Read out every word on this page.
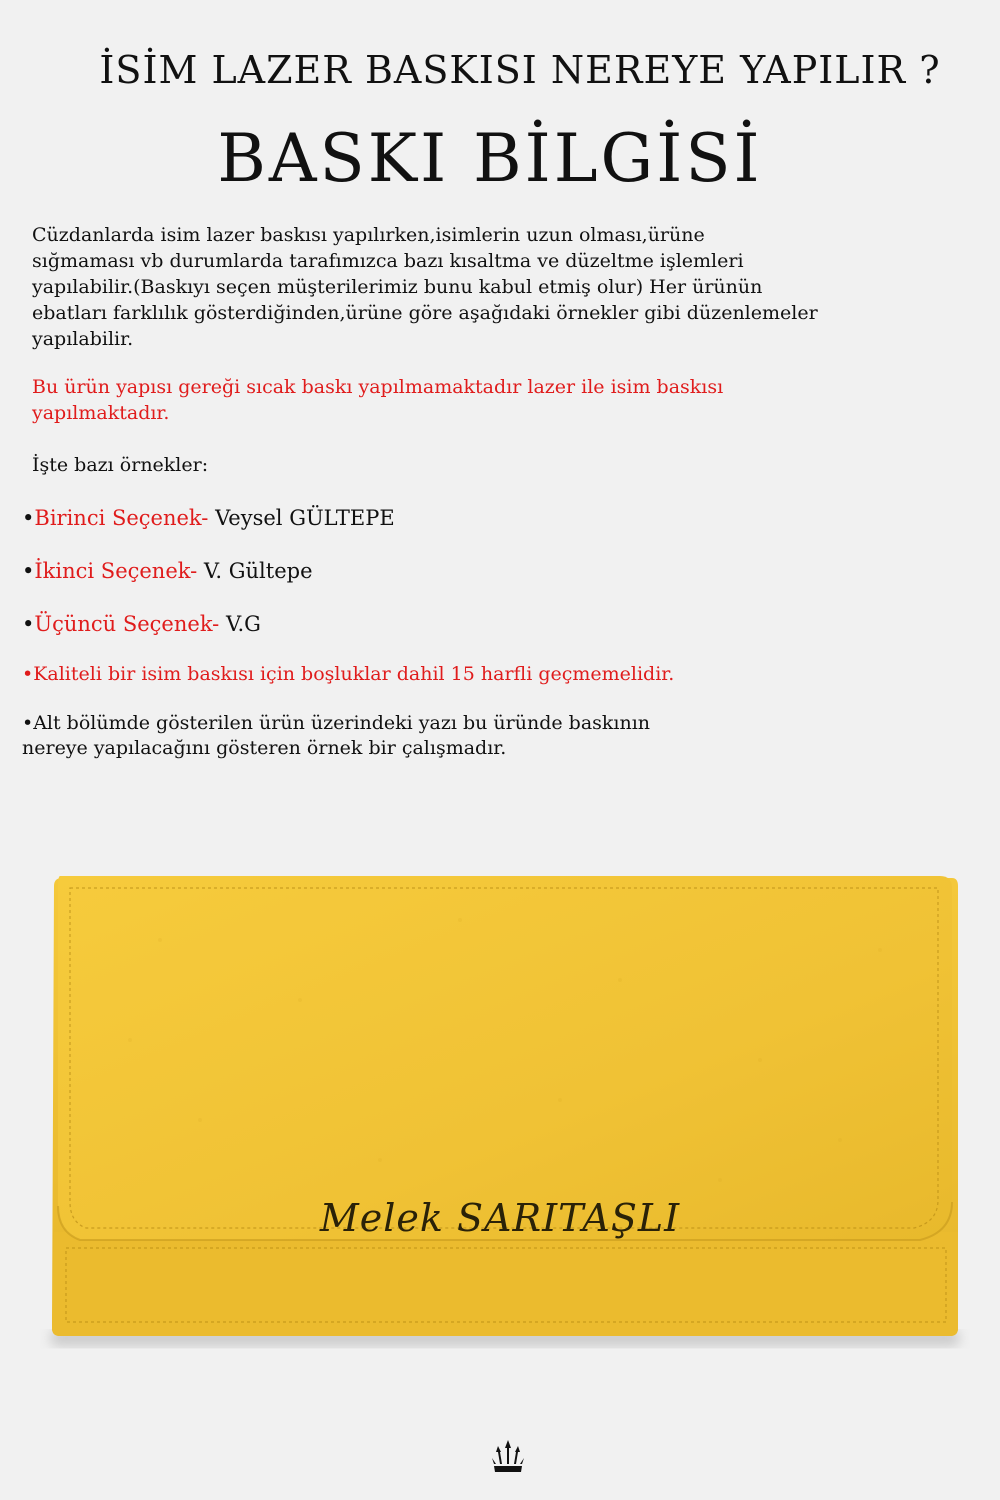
İSİM LAZER BASKISI NEREYE YAPILIR ?
BASKI BİLGİSİ
Cüzdanlarda isim lazer baskısı yapılırken,isimlerin uzun olması,ürüne
sığmaması vb durumlarda tarafımızca bazı kısaltma ve düzeltme işlemleri
yapılabilir.(Baskıyı seçen müşterilerimiz bunu kabul etmiş olur) Her ürünün
ebatları farklılık gösterdiğinden,ürüne göre aşağıdaki örnekler gibi düzenlemeler
yapılabilir.
Bu ürün yapısı gereği sıcak baskı yapılmamaktadır lazer ile isim baskısı
yapılmaktadır.
İşte bazı örnekler:
•Birinci Seçenek- Veysel GÜLTEPE
•İkinci Seçenek- V. Gültepe
•Üçüncü Seçenek- V.G
•Kaliteli bir isim baskısı için boşluklar dahil 15 harfli geçmemelidir.
•Alt bölümde gösterilen ürün üzerindeki yazı bu üründe baskının
nereye yapılacağını gösteren örnek bir çalışmadır.
Melek SARITAŞLI
